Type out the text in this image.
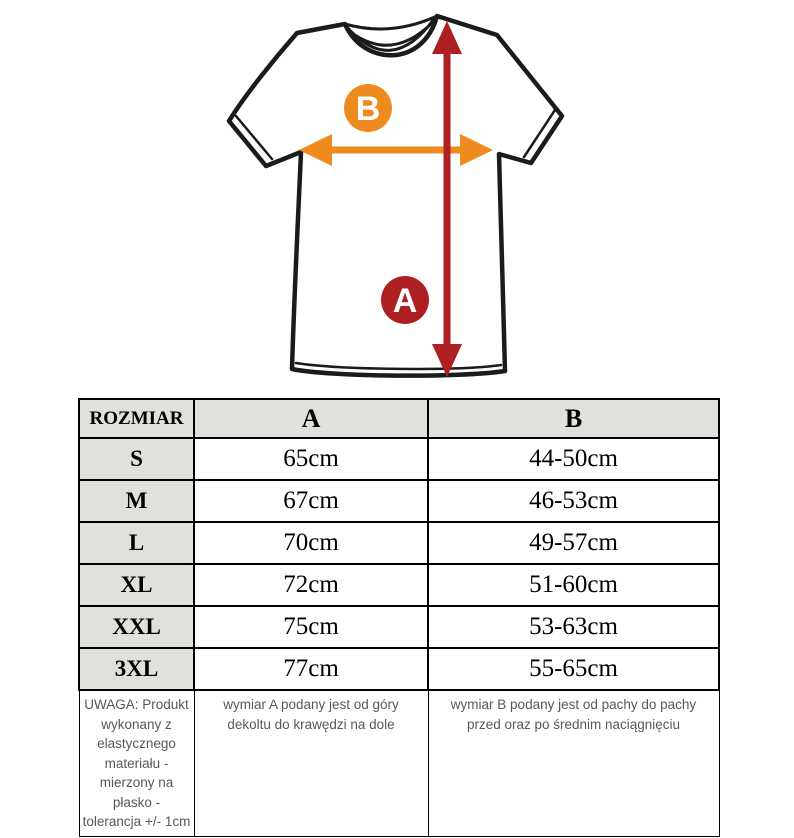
B
A
ROZMIAR	A	B
S	65cm	44-50cm
M	67cm	46-53cm
L	70cm	49-57cm
XL	72cm	51-60cm
XXL	75cm	53-63cm
3XL	77cm	55-65cm
UWAGA: Produkt wykonany z elastycznego materiału - mierzony na płasko - tolerancja +/- 1cm	wymiar A podany jest od góry dekoltu do krawędzi na dole	wymiar B podany jest od pachy do pachy przed oraz po średnim naciągnięciu
